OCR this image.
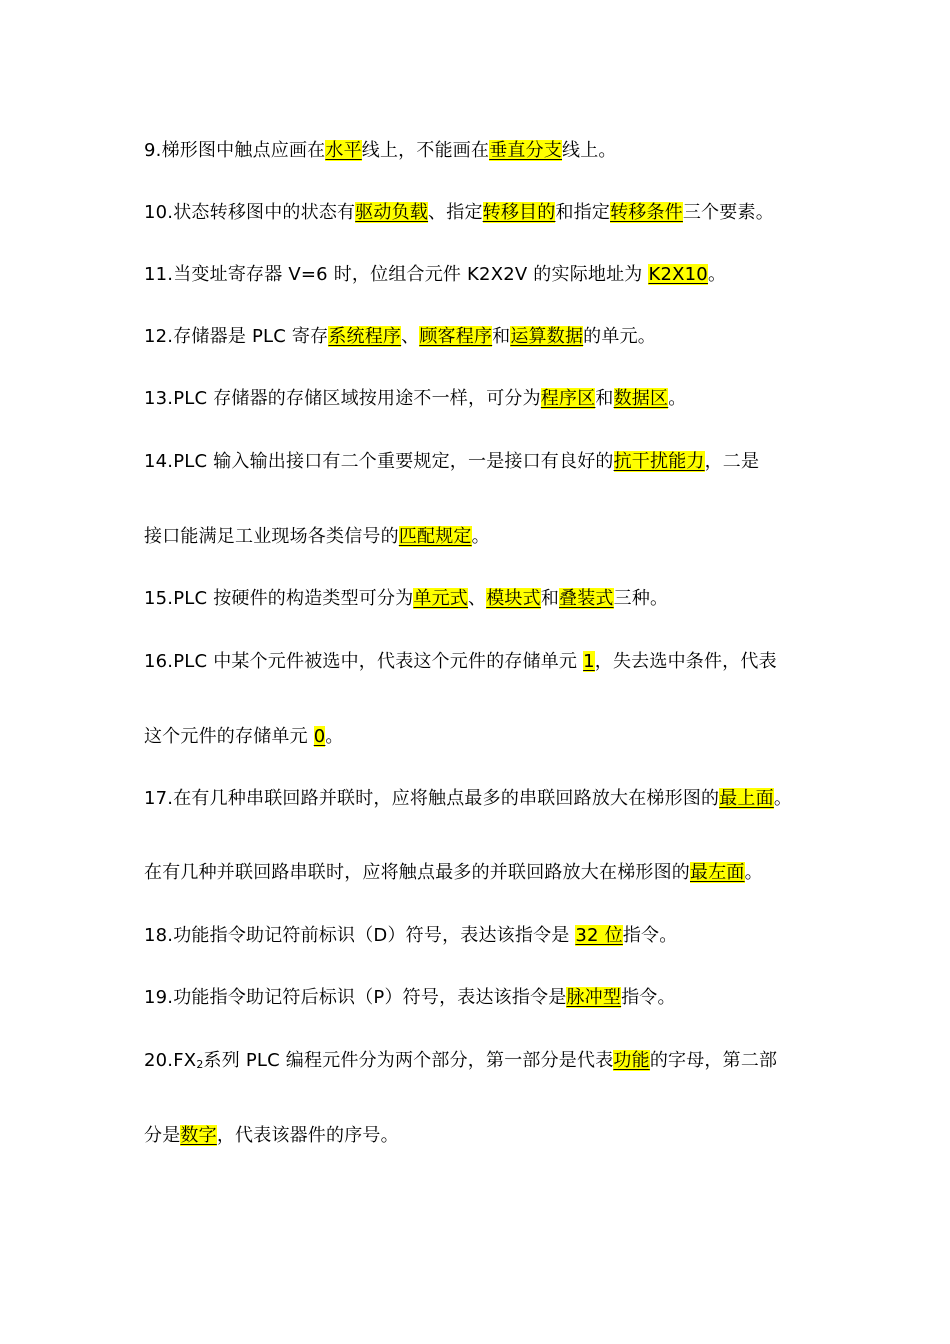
9.梯形图中触点应画在水平线上，不能画在垂直分支线上。
10.状态转移图中的状态有驱动负载、指定转移目的和指定转移条件三个要素。
11.当变址寄存器 V=6 时，位组合元件 K2X2V 的实际地址为 K2X10。
12.存储器是 PLC 寄存系统程序、顾客程序和运算数据的单元。
13.PLC 存储器的存储区域按用途不一样，可分为程序区和数据区。
14.PLC 输入输出接口有二个重要规定，一是接口有良好的抗干扰能力，二是
接口能满足工业现场各类信号的匹配规定。
15.PLC 按硬件的构造类型可分为单元式、模块式和叠装式三种。
16.PLC 中某个元件被选中，代表这个元件的存储单元 1，失去选中条件，代表
这个元件的存储单元 0。
17.在有几种串联回路并联时，应将触点最多的串联回路放大在梯形图的最上面。
在有几种并联回路串联时，应将触点最多的并联回路放大在梯形图的最左面。
18.功能指令助记符前标识（D）符号，表达该指令是 32 位指令。
19.功能指令助记符后标识（P）符号，表达该指令是脉冲型指令。
$20.FX_2$系列 PLC 编程元件分为两个部分，第一部分是代表功能的字母，第二部
分是数字，代表该器件的序号。
